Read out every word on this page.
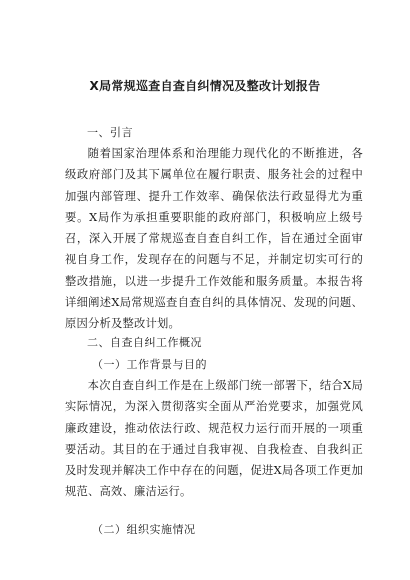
X局常规巡查自查自纠情况及整改计划报告
一、引言

随着国家治理体系和治理能力现代化的不断推进，各级政府部门及其下属单位在履行职责、服务社会的过程中加强内部管理、提升工作效率、确保依法行政显得尤为重要。X局作为承担重要职能的政府部门，积极响应上级号召，深入开展了常规巡查自查自纠工作，旨在通过全面审视自身工作，发现存在的问题与不足，并制定切实可行的整改措施，以进一步提升工作效能和服务质量。本报告将详细阐述X局常规巡查自查自纠的具体情况、发现的问题、原因分析及整改计划。

二、自查自纠工作概况
（一）工作背景与目的

本次自查自纠工作是在上级部门统一部署下，结合X局实际情况，为深入贯彻落实全面从严治党要求，加强党风廉政建设，推动依法行政、规范权力运行而开展的一项重要活动。其目的在于通过自我审视、自我检查、自我纠正及时发现并解决工作中存在的问题，促进X局各项工作更加规范、高效、廉洁运行。

（二）组织实施情况
